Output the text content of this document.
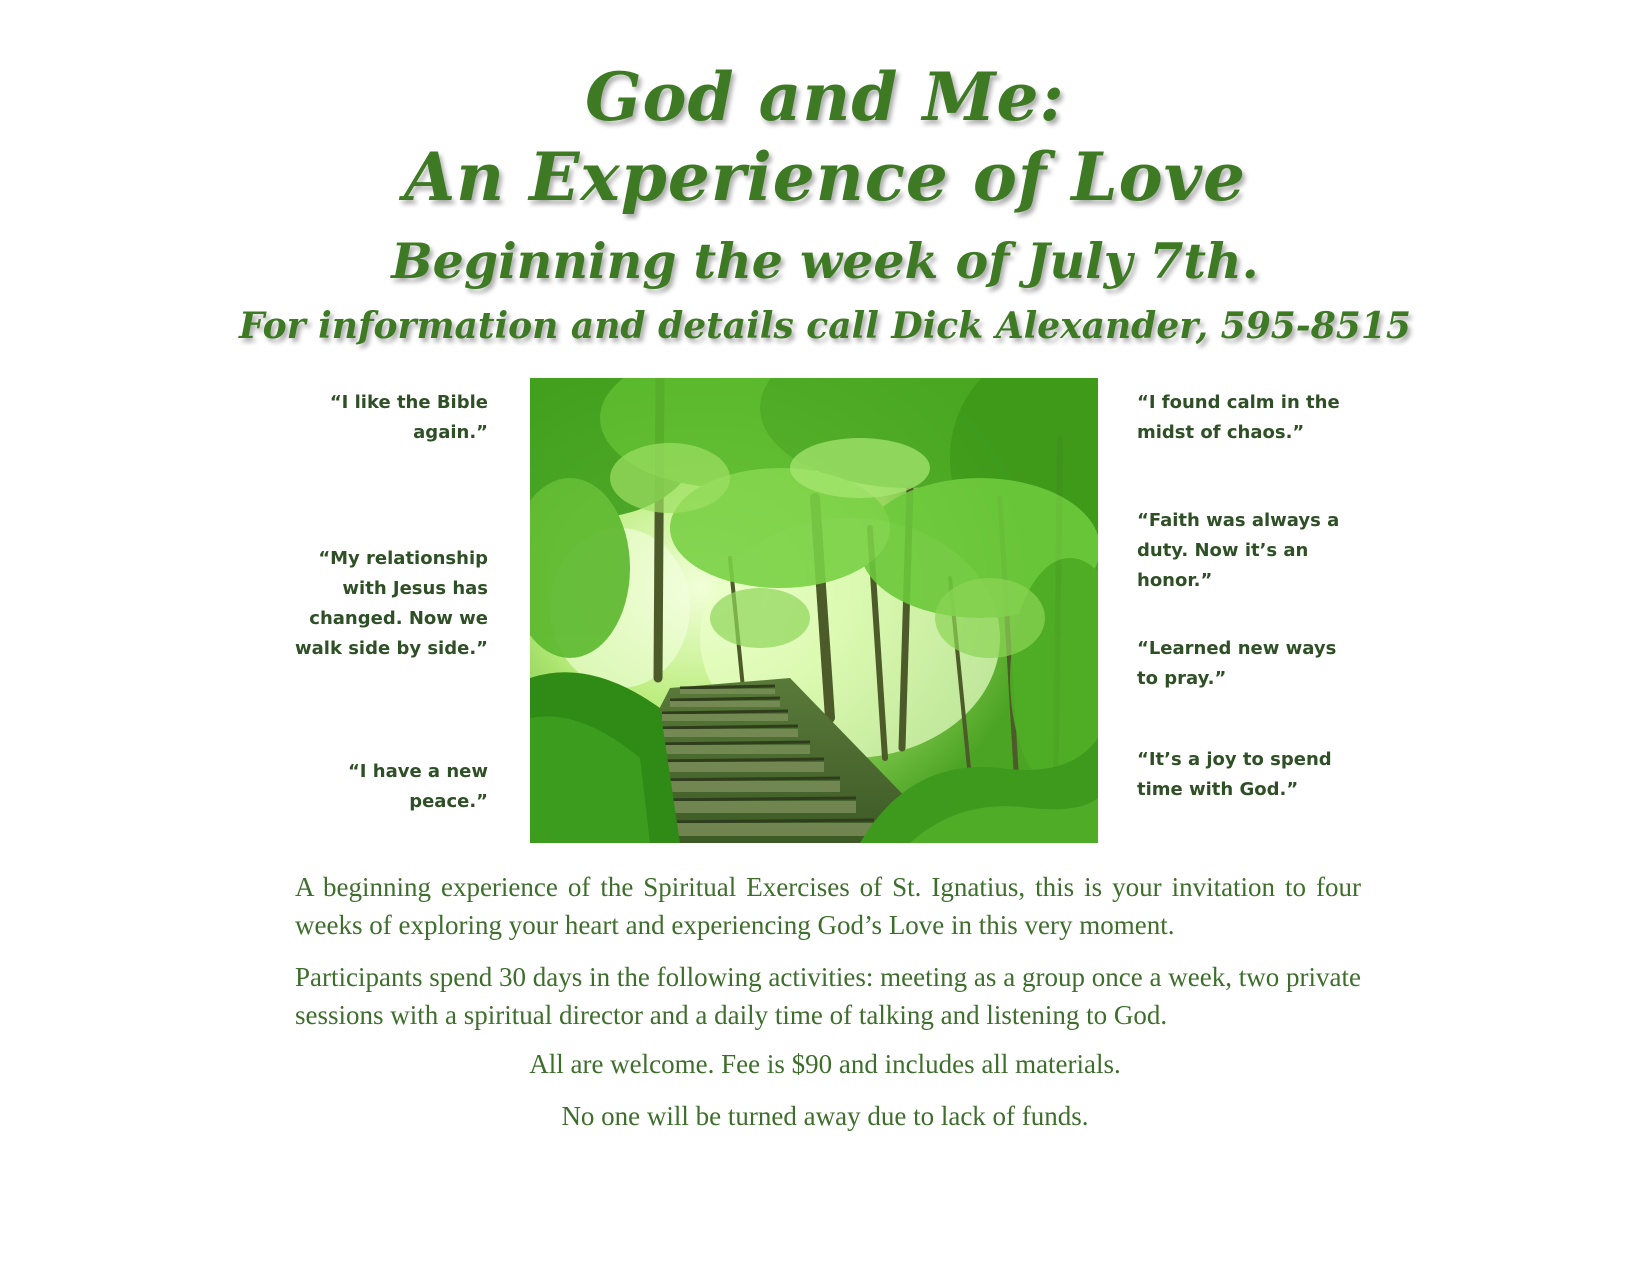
God and Me:
An Experience of Love
Beginning the week of July 7th.
For information and details call Dick Alexander, 595-8515
“I like the Bible again.”
“My relationship with Jesus has changed. Now we walk side by side.”
“I have a new peace.”
“I found calm in the midst of chaos.”
“Faith was always a duty. Now it’s an honor.”
“Learned new ways to pray.”
“It’s a joy to spend time with God.”

A beginning experience of the Spiritual Exercises of St. Ignatius, this is your invitation to four weeks of exploring your heart and experiencing God’s Love in this very moment.

Participants spend 30 days in the following activities: meeting as a group once a week, two private sessions with a spiritual director and a daily time of talking and listening to God.

All are welcome. Fee is $90 and includes all materials.

No one will be turned away due to lack of funds.
